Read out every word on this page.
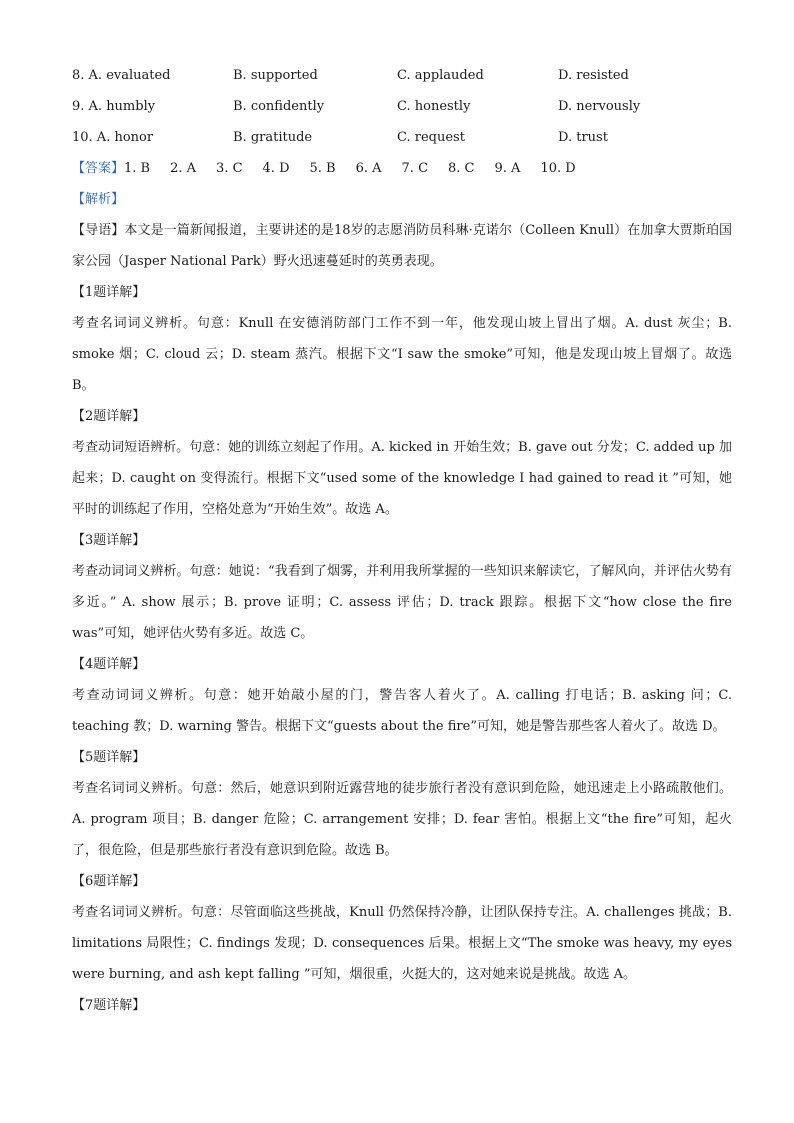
8. A. evaluated	B. supported	C. applauded	D. resisted
9. A. humbly	B. confidently	C. honestly	D. nervously
10. A. honor	B. gratitude	C. request	D. trust
【答案】1. B 2. A 3. C 4. D 5. B 6. A 7. C 8. C 9. A 10. D
【解析】

【导语】本文是一篇新闻报道，主要讲述的是18岁的志愿消防员科琳·克诺尔（Colleen Knull）在加拿大贾斯珀国家公园（Jasper National Park）野火迅速蔓延时的英勇表现。

【1题详解】

考查名词词义辨析。句意：Knull 在安德消防部门工作不到一年，他发现山坡上冒出了烟。A. dust 灰尘；B. smoke 烟；C. cloud 云；D. steam 蒸汽。根据下文“I saw the smoke”可知，他是发现山坡上冒烟了。故选 B。

【2题详解】

考查动词短语辨析。句意：她的训练立刻起了作用。A. kicked in 开始生效；B. gave out 分发；C. added up 加起来；D. caught on 变得流行。根据下文“used some of the knowledge I had gained to read it ”可知，她平时的训练起了作用，空格处意为“开始生效”。故选 A。

【3题详解】

考查动词词义辨析。句意：她说：“我看到了烟雾，并利用我所掌握的一些知识来解读它，了解风向，并评估火势有多近。” A. show 展示；B. prove 证明；C. assess 评估；D. track 跟踪。根据下文“how close the fire was”可知，她评估火势有多近。故选 C。

【4题详解】

考查动词词义辨析。句意：她开始敲小屋的门，警告客人着火了。A. calling 打电话；B. asking 问；C. teaching 教；D. warning 警告。根据下文“guests about the fire”可知，她是警告那些客人着火了。故选 D。

【5题详解】

考查名词词义辨析。句意：然后，她意识到附近露营地的徒步旅行者没有意识到危险，她迅速走上小路疏散他们。A. program 项目；B. danger 危险；C. arrangement 安排；D. fear 害怕。根据上文“the fire”可知，起火了，很危险，但是那些旅行者没有意识到危险。故选 B。

【6题详解】

考查名词词义辨析。句意：尽管面临这些挑战，Knull 仍然保持冷静，让团队保持专注。A. challenges 挑战；B. limitations 局限性；C. findings 发现；D. consequences 后果。根据上文“The smoke was heavy, my eyes were burning, and ash kept falling ”可知，烟很重，火挺大的，这对她来说是挑战。故选 A。

【7题详解】
